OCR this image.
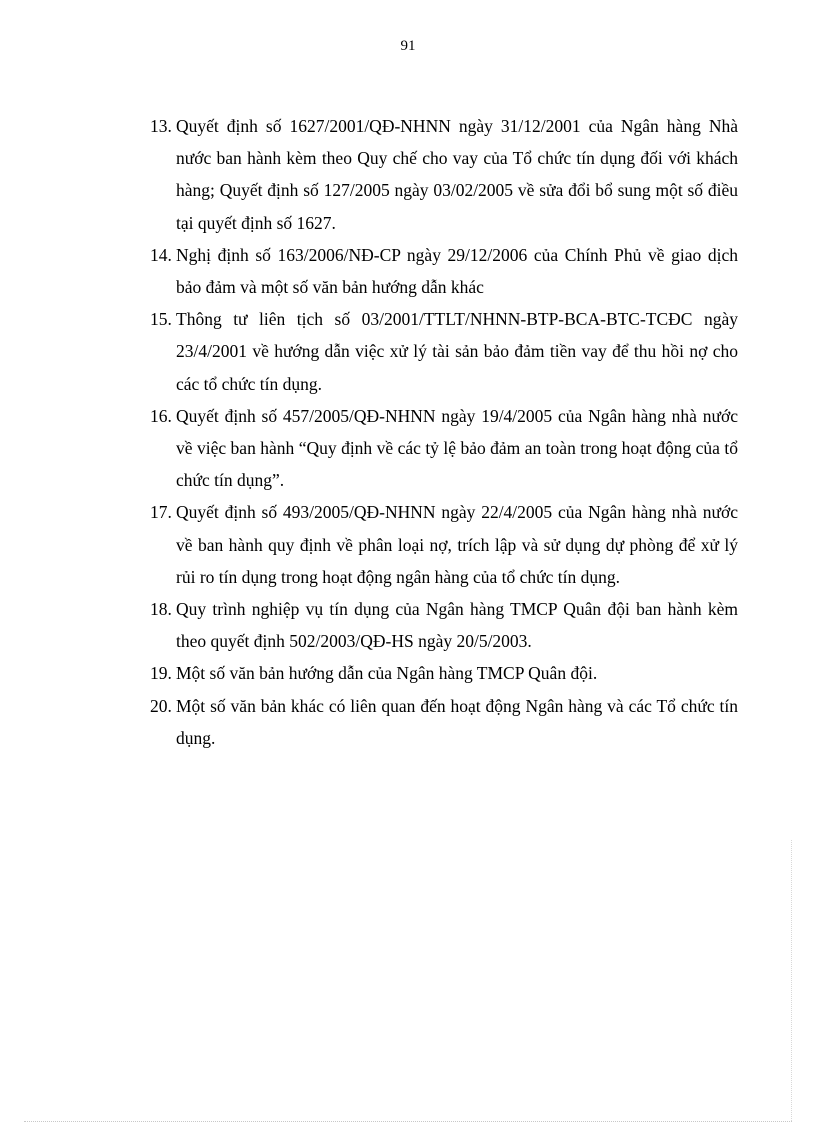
91
13. Quyết định số 1627/2001/QĐ-NHNN ngày 31/12/2001 của Ngân hàng Nhà nước ban hành kèm theo Quy chế cho vay của Tổ chức tín dụng đối với khách hàng; Quyết định số 127/2005 ngày 03/02/2005 về sửa đổi bổ sung một số điều tại quyết định số 1627.
14. Nghị định số 163/2006/NĐ-CP ngày 29/12/2006 của Chính Phủ về giao dịch bảo đảm và một số văn bản hướng dẫn khác
15. Thông tư liên tịch số 03/2001/TTLT/NHNN-BTP-BCA-BTC-TCĐC ngày 23/4/2001 về hướng dẫn việc xử lý tài sản bảo đảm tiền vay để thu hồi nợ cho các tổ chức tín dụng.
16. Quyết định số 457/2005/QĐ-NHNN ngày 19/4/2005 của Ngân hàng nhà nước về việc ban hành “Quy định về các tỷ lệ bảo đảm an toàn trong hoạt động của tổ chức tín dụng”.
17. Quyết định số 493/2005/QĐ-NHNN ngày 22/4/2005 của Ngân hàng nhà nước về ban hành quy định về phân loại nợ, trích lập và sử dụng dự phòng để xử lý rủi ro tín dụng trong hoạt động ngân hàng của tổ chức tín dụng.
18. Quy trình nghiệp vụ tín dụng của Ngân hàng TMCP Quân đội ban hành kèm theo quyết định 502/2003/QĐ-HS ngày 20/5/2003.
19. Một số văn bản hướng dẫn của Ngân hàng TMCP Quân đội.
20. Một số văn bản khác có liên quan đến hoạt động Ngân hàng và các Tổ chức tín dụng.
